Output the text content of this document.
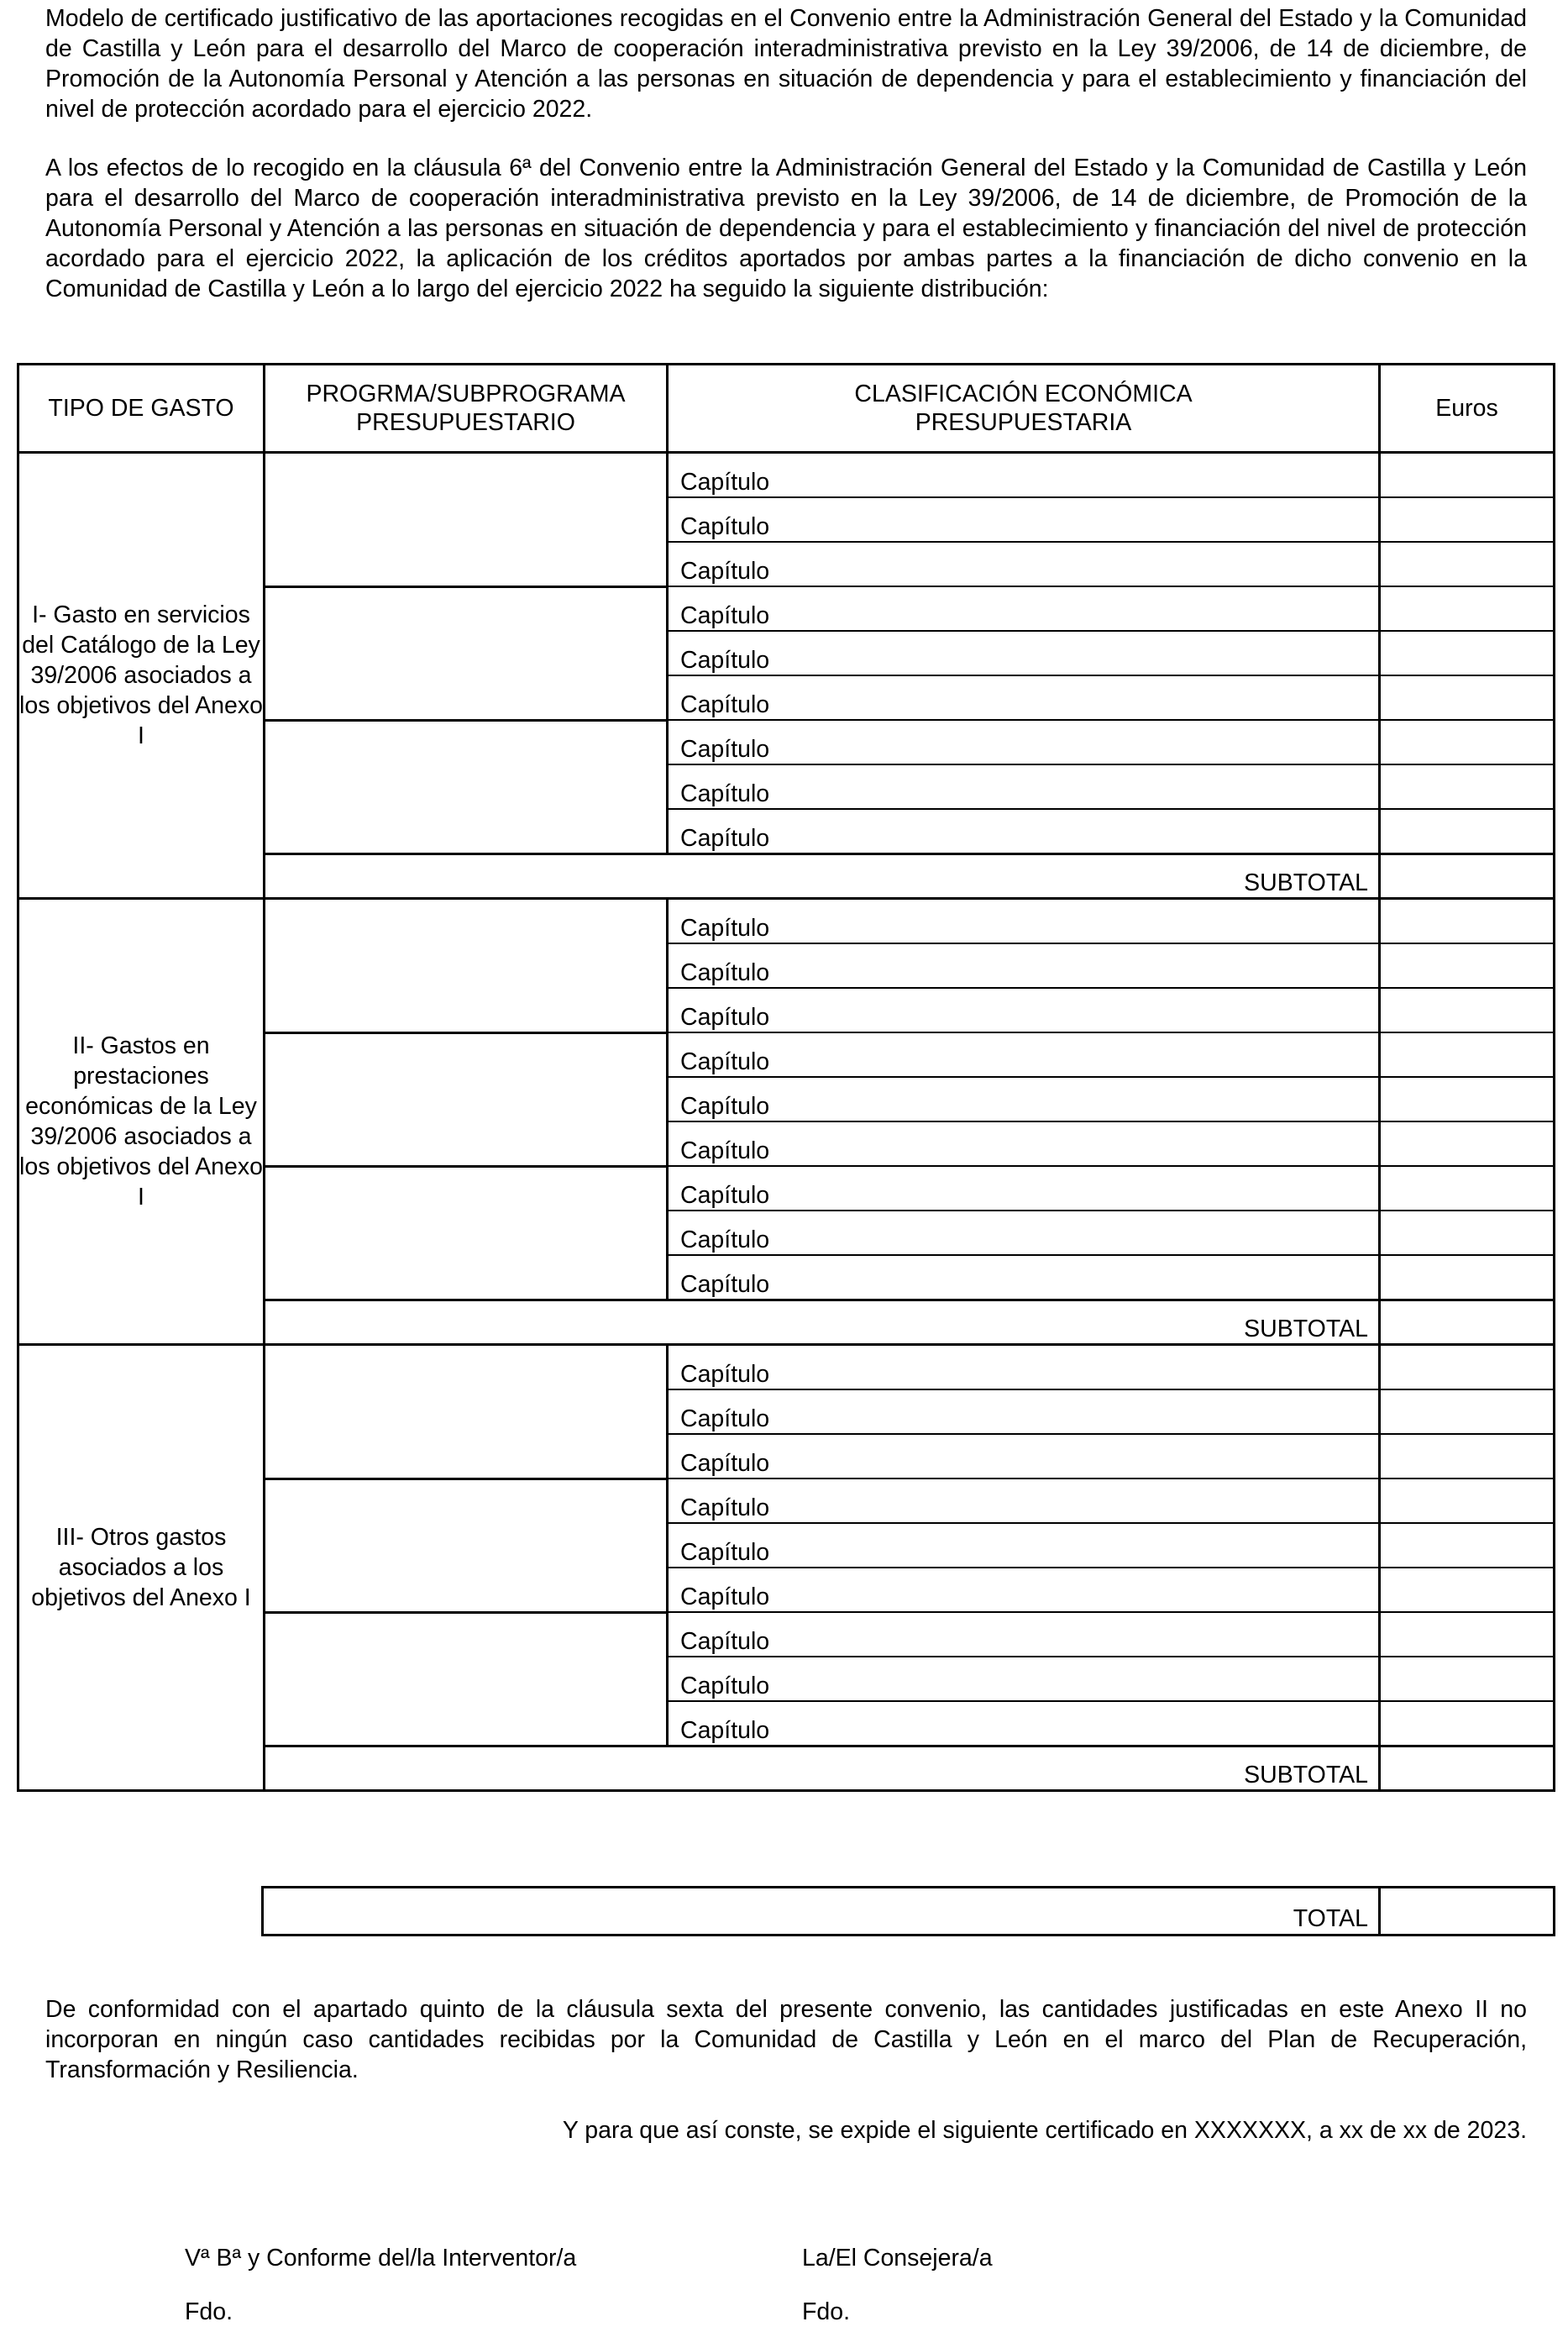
Modelo de certificado justificativo de las aportaciones recogidas en el Convenio entre la Administración General del Estado y la Comunidad de Castilla y León para el desarrollo del Marco de cooperación interadministrativa previsto en la Ley 39/2006, de 14 de diciembre, de Promoción de la Autonomía Personal y Atención a las personas en situación de dependencia y para el establecimiento y financiación del nivel de protección acordado para el ejercicio 2022.

A los efectos de lo recogido en la cláusula 6ª del Convenio entre la Administración General del Estado y la Comunidad de Castilla y León para el desarrollo del Marco de cooperación interadministrativa previsto en la Ley 39/2006, de 14 de diciembre, de Promoción de la Autonomía Personal y Atención a las personas en situación de dependencia y para el establecimiento y financiación del nivel de protección acordado para el ejercicio 2022, la aplicación de los créditos aportados por ambas partes a la financiación de dicho convenio en la Comunidad de Castilla y León a lo largo del ejercicio 2022 ha seguido la siguiente distribución:

TIPO DE GASTO	PROGRMA/SUBPROGRAMA PRESUPUESTARIO	CLASIFICACIÓN ECONÓMICA PRESUPUESTARIA	Euros
I- Gasto en servicios del Catálogo de la Ley 39/2006 asociados a los objetivos del Anexo I		Capítulo	
		Capítulo	
		Capítulo	
		Capítulo	
		Capítulo	
		Capítulo	
		Capítulo	
		Capítulo	
		Capítulo	
	SUBTOTAL		
II- Gastos en prestaciones económicas de la Ley 39/2006 asociados a los objetivos del Anexo I		Capítulo	
		Capítulo	
		Capítulo	
		Capítulo	
		Capítulo	
		Capítulo	
		Capítulo	
		Capítulo	
		Capítulo	
	SUBTOTAL		
III- Otros gastos asociados a los objetivos del Anexo I		Capítulo	
		Capítulo	
		Capítulo	
		Capítulo	
		Capítulo	
		Capítulo	
		Capítulo	
		Capítulo	
		Capítulo	
	SUBTOTAL		
TOTAL	

De conformidad con el apartado quinto de la cláusula sexta del presente convenio, las cantidades justificadas en este Anexo II no incorporan en ningún caso cantidades recibidas por la Comunidad de Castilla y León en el marco del Plan de Recuperación, Transformación y Resiliencia.

Y para que así conste, se expide el siguiente certificado en XXXXXXX, a xx de xx de 2023.
Vª Bª y Conforme del/la Interventor/a	La/El Consejera/a
Fdo.	Fdo.
